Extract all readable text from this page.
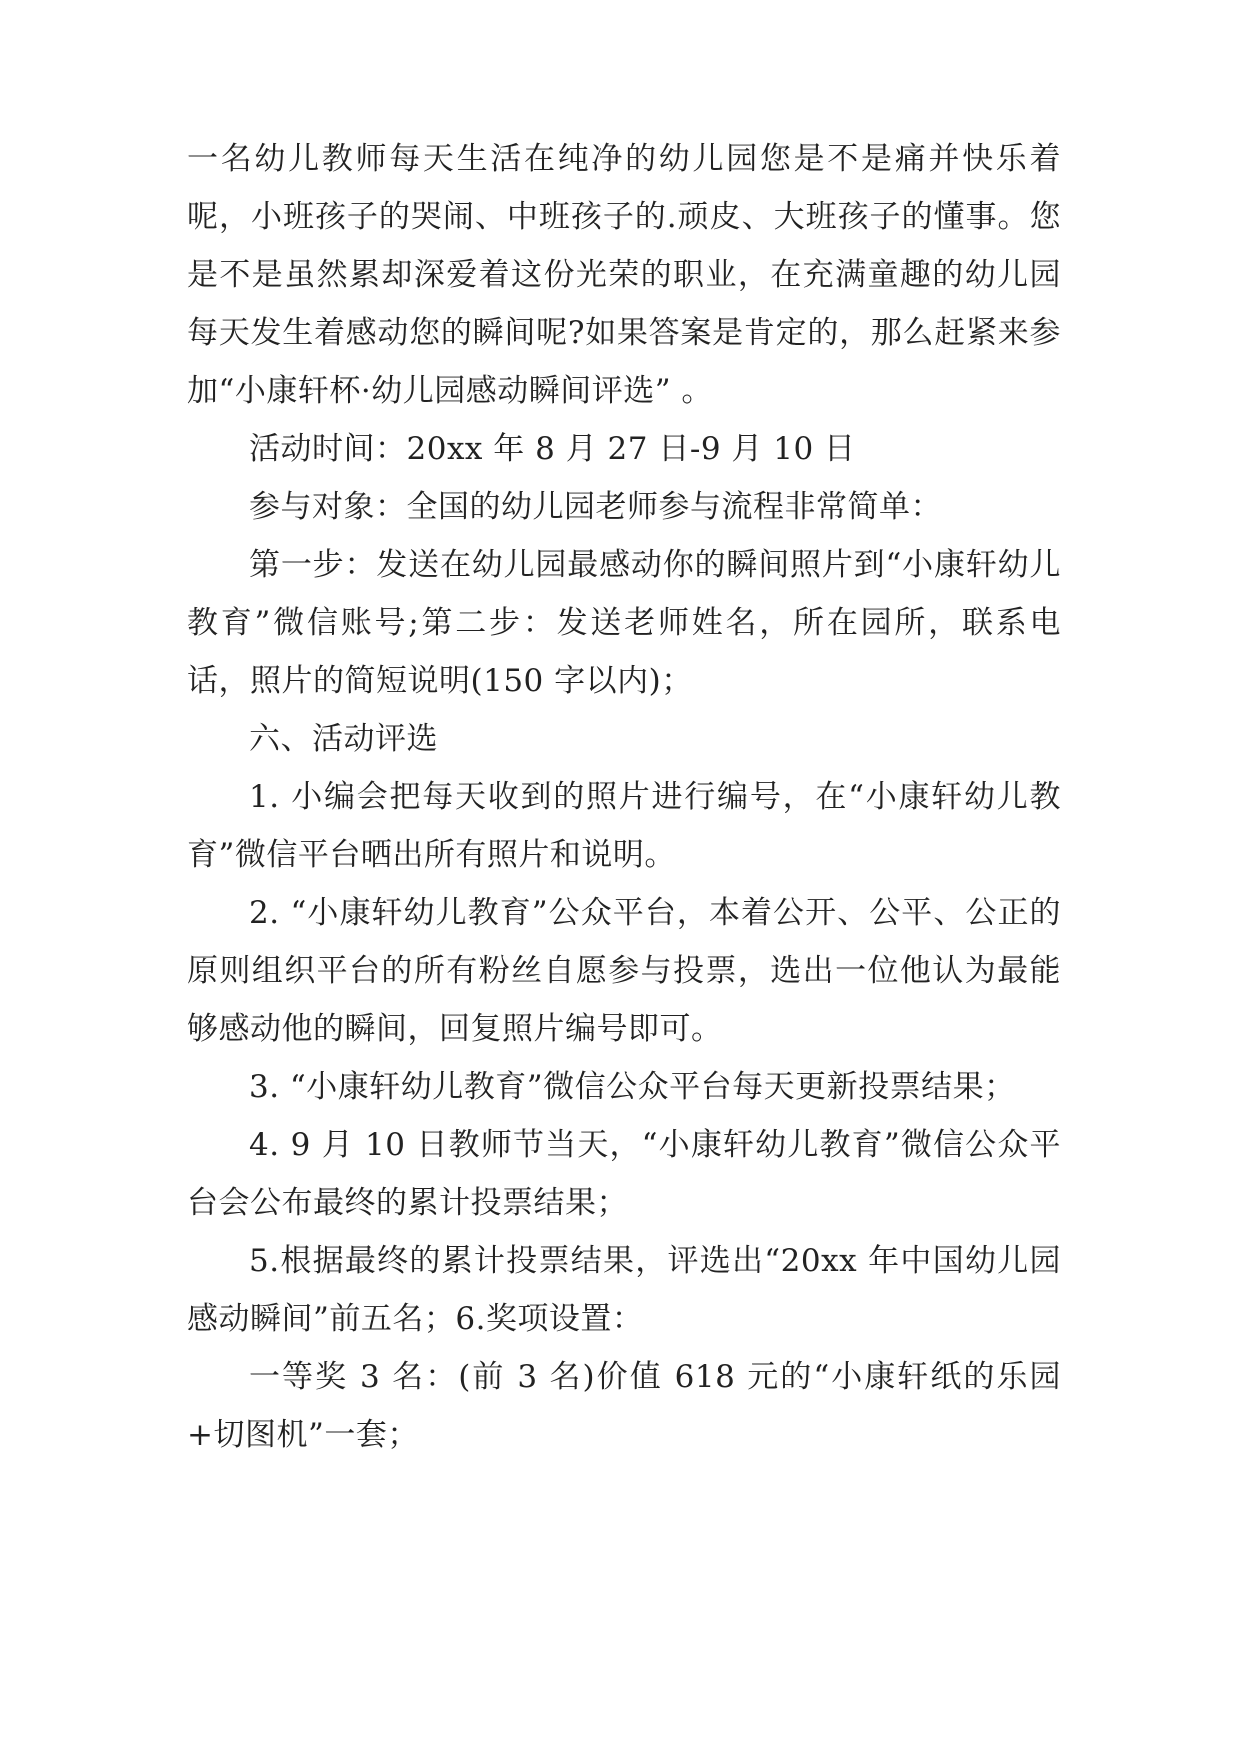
一名幼儿教师每天生活在纯净的幼儿园您是不是痛并快乐着呢，小班孩子的哭闹、中班孩子的.顽皮、大班孩子的懂事。您是不是虽然累却深爱着这份光荣的职业，在充满童趣的幼儿园每天发生着感动您的瞬间呢?如果答案是肯定的，那么赶紧来参加“小康轩杯·幼儿园感动瞬间评选” 。

活动时间：20xx 年 8 月 27 日-9 月 10 日

参与对象：全国的幼儿园老师参与流程非常简单：

第一步：发送在幼儿园最感动你的瞬间照片到“小康轩幼儿教育”微信账号;第二步：发送老师姓名，所在园所，联系电话，照片的简短说明(150 字以内)；

六、活动评选

1. 小编会把每天收到的照片进行编号，在“小康轩幼儿教育”微信平台晒出所有照片和说明。

2. “小康轩幼儿教育”公众平台，本着公开、公平、公正的原则组织平台的所有粉丝自愿参与投票，选出一位他认为最能够感动他的瞬间，回复照片编号即可。

3. “小康轩幼儿教育”微信公众平台每天更新投票结果；

4. 9 月 10 日教师节当天，“小康轩幼儿教育”微信公众平台会公布最终的累计投票结果；

5.根据最终的累计投票结果，评选出“20xx 年中国幼儿园感动瞬间”前五名；6.奖项设置：

一等奖 3 名：(前 3 名)价值 618 元的“小康轩纸的乐园+切图机”一套；
